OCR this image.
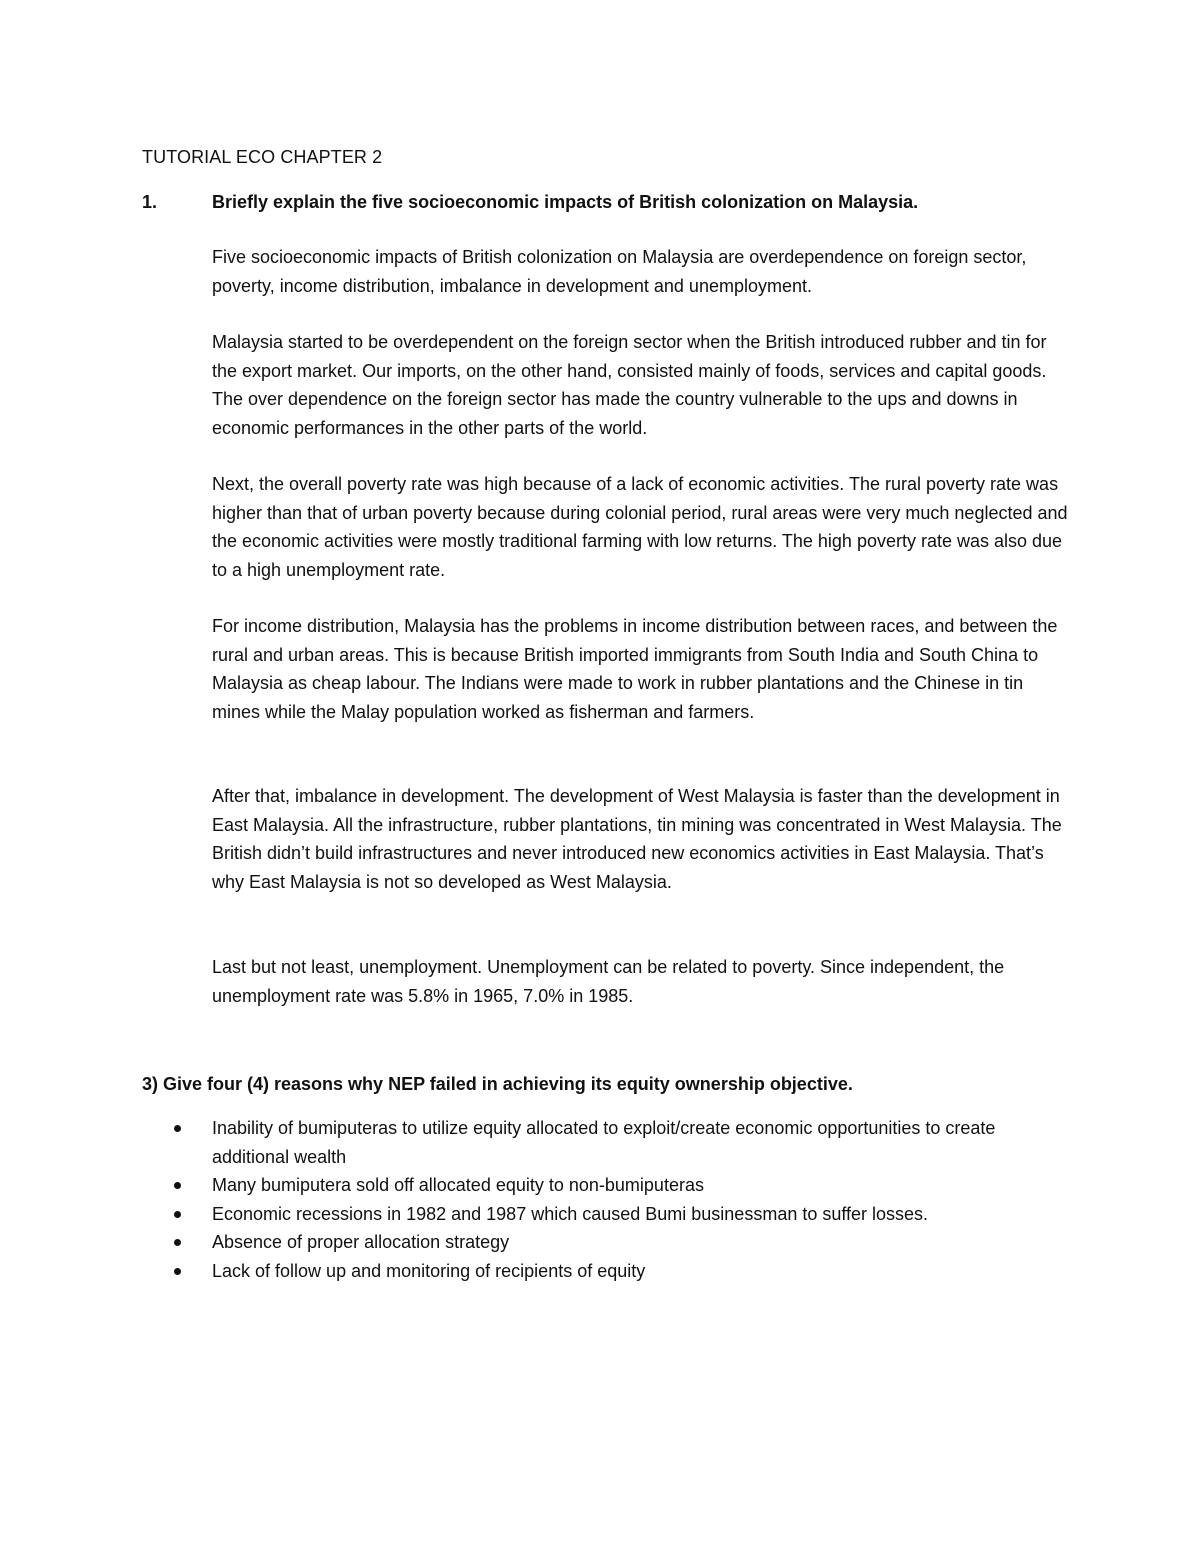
TUTORIAL ECO CHAPTER 2
1.	Briefly explain the five socioeconomic impacts of British colonization on Malaysia.
Five socioeconomic impacts of British colonization on Malaysia are overdependence on foreign sector, poverty, income distribution, imbalance in development and unemployment.
Malaysia started to be overdependent on the foreign sector when the British introduced rubber and tin for the export market. Our imports, on the other hand, consisted mainly of foods, services and capital goods. The over dependence on the foreign sector has made the country vulnerable to the ups and downs in economic performances in the other parts of the world.
Next, the overall poverty rate was high because of a lack of economic activities. The rural poverty rate was higher than that of urban poverty because during colonial period, rural areas were very much neglected and the economic activities were mostly traditional farming with low returns. The high poverty rate was also due to a high unemployment rate.
For income distribution, Malaysia has the problems in income distribution between races, and between the rural and urban areas. This is because British imported immigrants from South India and South China to Malaysia as cheap labour. The Indians were made to work in rubber plantations and the Chinese in tin mines while the Malay population worked as fisherman and farmers.
After that, imbalance in development. The development of West Malaysia is faster than the development in East Malaysia. All the infrastructure, rubber plantations, tin mining was concentrated in West Malaysia. The British didn’t build infrastructures and never introduced new economics activities in East Malaysia. That’s why East Malaysia is not so developed as West Malaysia.
Last but not least, unemployment. Unemployment can be related to poverty. Since independent, the unemployment rate was 5.8% in 1965, 7.0% in 1985.
3) Give four (4) reasons why NEP failed in achieving its equity ownership objective.
Inability of bumiputeras to utilize equity allocated to exploit/create economic opportunities to create additional wealth
Many bumiputera sold off allocated equity to non-bumiputeras
Economic recessions in 1982 and 1987 which caused Bumi businessman to suffer losses.
Absence of proper allocation strategy
Lack of follow up and monitoring of recipients of equity
